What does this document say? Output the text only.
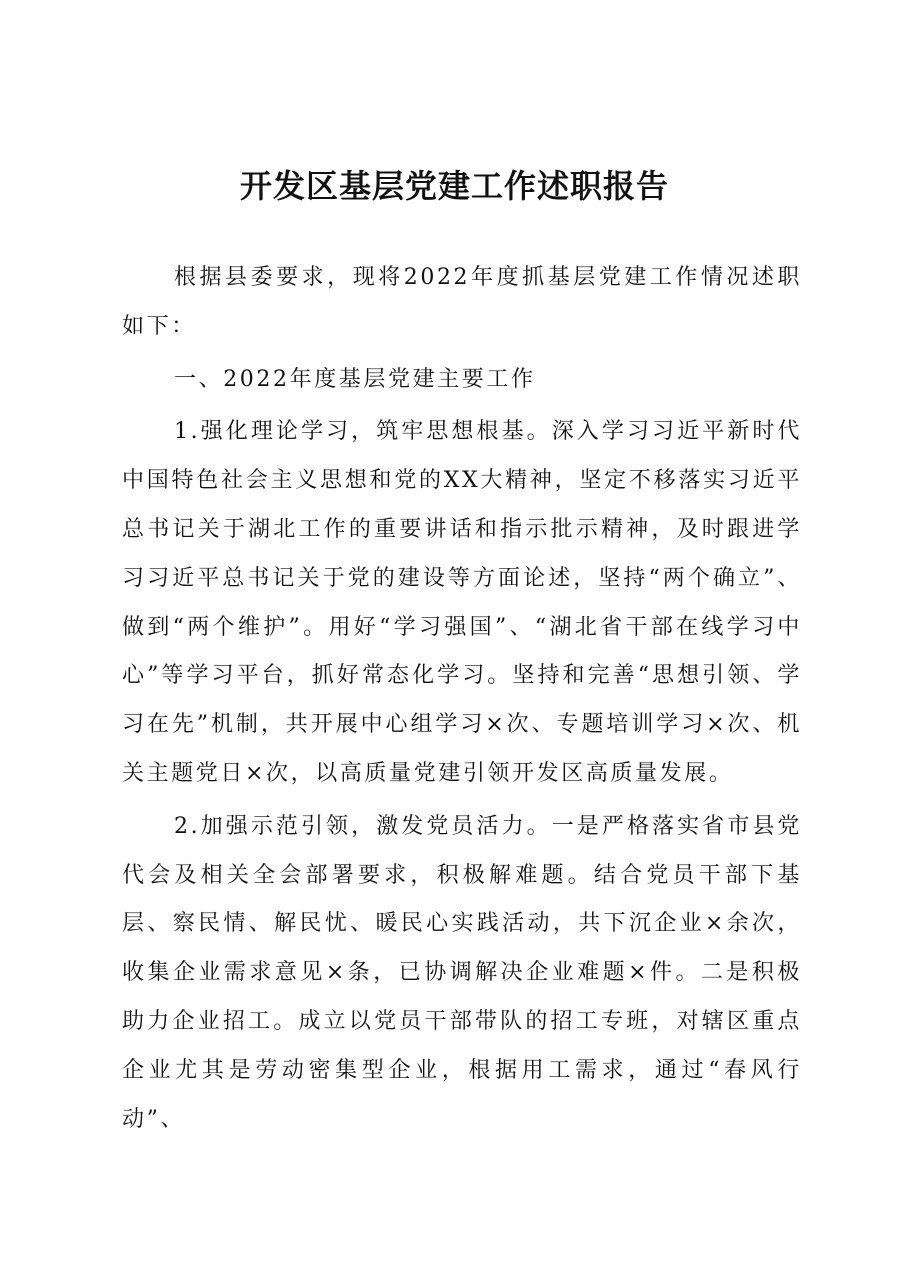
开发区基层党建工作述职报告

根据县委要求，现将2022年度抓基层党建工作情况述职如下：

一、2022年度基层党建主要工作

1.强化理论学习，筑牢思想根基。深入学习习近平新时代中国特色社会主义思想和党的XX大精神，坚定不移落实习近平总书记关于湖北工作的重要讲话和指示批示精神，及时跟进学习习近平总书记关于党的建设等方面论述，坚持“两个确立”、做到“两个维护”。用好“学习强国”、“湖北省干部在线学习中心”等学习平台，抓好常态化学习。坚持和完善“思想引领、学习在先”机制，共开展中心组学习×次、专题培训学习×次、机关主题党日×次，以高质量党建引领开发区高质量发展。

2.加强示范引领，激发党员活力。一是严格落实省市县党代会及相关全会部署要求，积极解难题。结合党员干部下基层、察民情、解民忧、暖民心实践活动，共下沉企业×余次，收集企业需求意见×条，已协调解决企业难题×件。二是积极助力企业招工。成立以党员干部带队的招工专班，对辖区重点企业尤其是劳动密集型企业，根据用工需求，通过“春风行动”、
